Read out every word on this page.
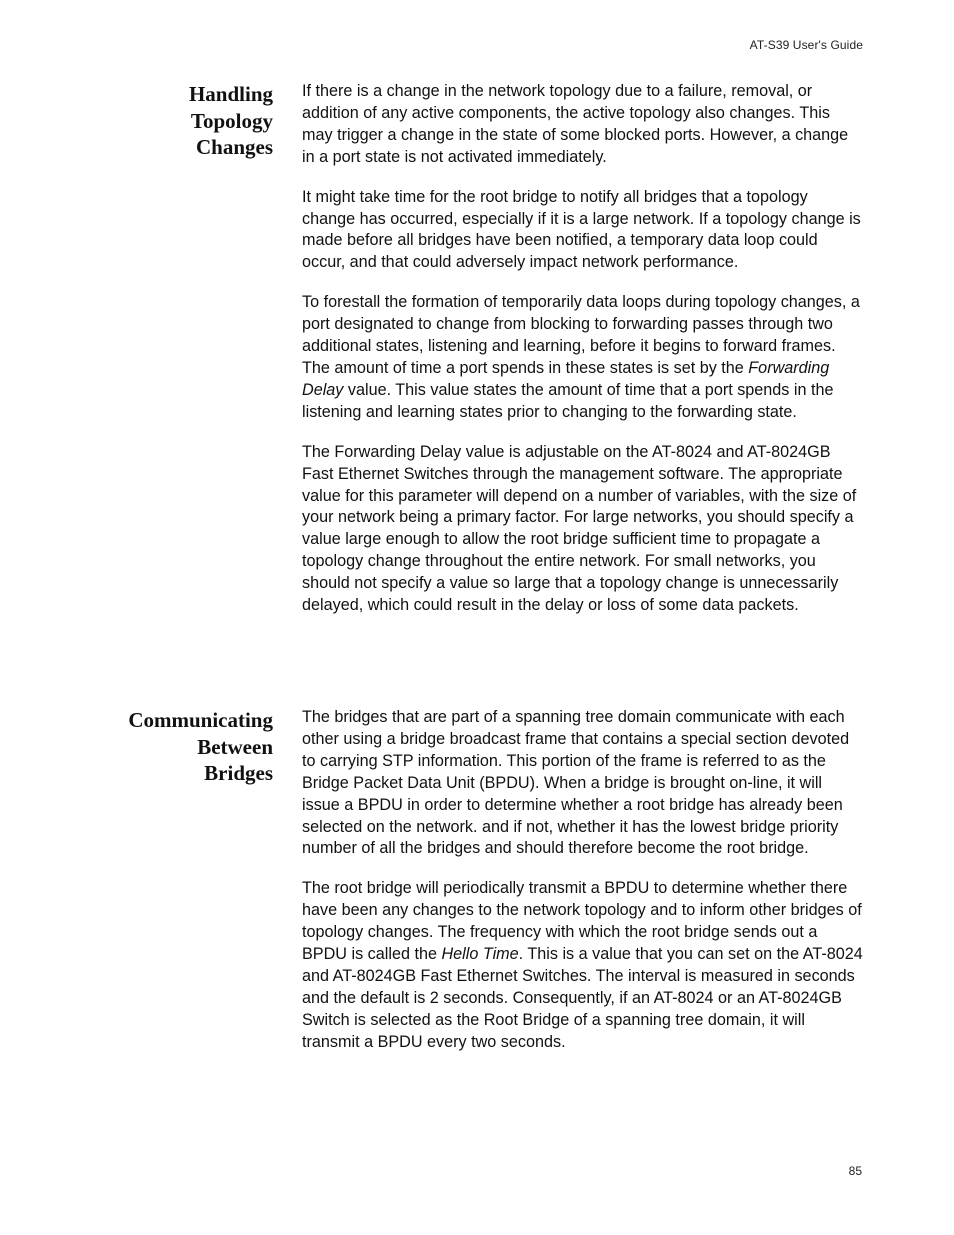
AT-S39 User's Guide
Handling
Topology
Changes

If there is a change in the network topology due to a failure, removal, or addition of any active components, the active topology also changes. This may trigger a change in the state of some blocked ports. However, a change in a port state is not activated immediately.

It might take time for the root bridge to notify all bridges that a topology change has occurred, especially if it is a large network. If a topology change is made before all bridges have been notified, a temporary data loop could occur, and that could adversely impact network performance.

To forestall the formation of temporarily data loops during topology changes, a port designated to change from blocking to forwarding passes through two additional states, listening and learning, before it begins to forward frames. The amount of time a port spends in these states is set by the Forwarding Delay value. This value states the amount of time that a port spends in the listening and learning states prior to changing to the forwarding state.

The Forwarding Delay value is adjustable on the AT-8024 and AT-8024GB Fast Ethernet Switches through the management software. The appropriate value for this parameter will depend on a number of variables, with the size of your network being a primary factor. For large networks, you should specify a value large enough to allow the root bridge sufficient time to propagate a topology change throughout the entire network. For small networks, you should not specify a value so large that a topology change is unnecessarily delayed, which could result in the delay or loss of some data packets.

Communicating
Between
Bridges

The bridges that are part of a spanning tree domain communicate with each other using a bridge broadcast frame that contains a special section devoted to carrying STP information. This portion of the frame is referred to as the Bridge Packet Data Unit (BPDU). When a bridge is brought on-line, it will issue a BPDU in order to determine whether a root bridge has already been selected on the network. and if not, whether it has the lowest bridge priority number of all the bridges and should therefore become the root bridge.

The root bridge will periodically transmit a BPDU to determine whether there have been any changes to the network topology and to inform other bridges of topology changes. The frequency with which the root bridge sends out a BPDU is called the Hello Time. This is a value that you can set on the AT-8024 and AT-8024GB Fast Ethernet Switches. The interval is measured in seconds and the default is 2 seconds. Consequently, if an AT-8024 or an AT-8024GB Switch is selected as the Root Bridge of a spanning tree domain, it will transmit a BPDU every two seconds.

85
